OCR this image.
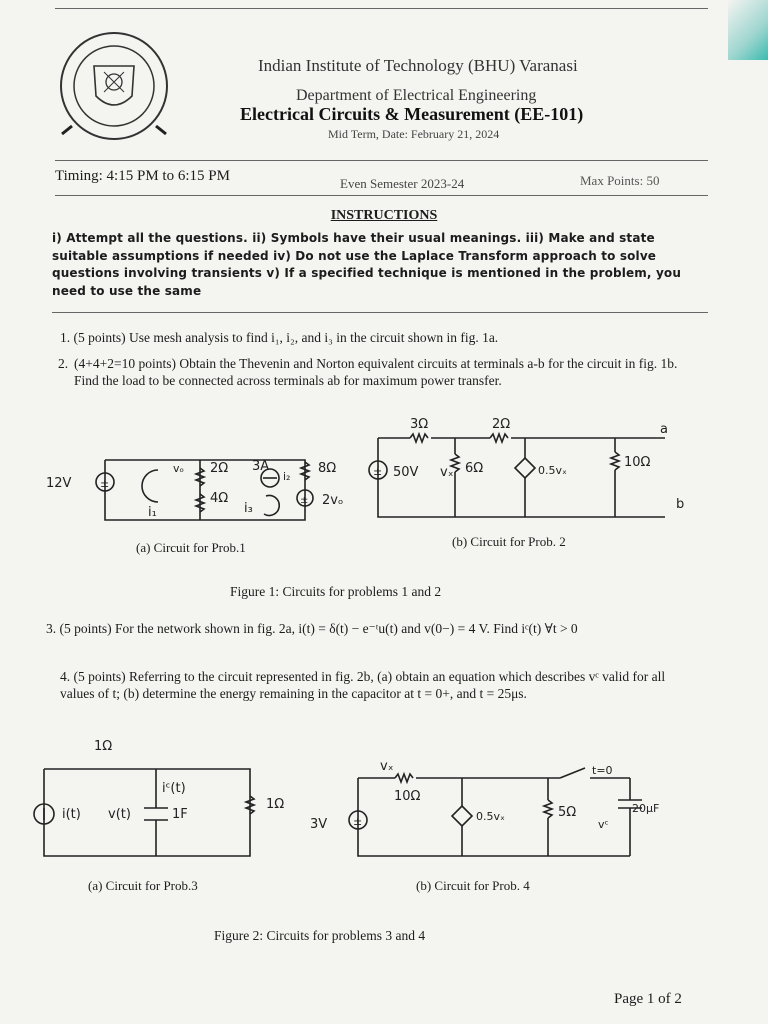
Indian Institute of Technology (BHU) Varanasi
Department of Electrical Engineering
Electrical Circuits & Measurement (EE-101)
Mid Term, Date: February 21, 2024
Timing: 4:15 PM to 6:15 PM	Even Semester 2023-24	Max Points: 50
INSTRUCTIONS
i) Attempt all the questions. ii) Symbols have their usual meanings. iii) Make and state suitable assumptions if needed iv) Do not use the Laplace Transform approach to solve questions involving transients v) If a specified technique is mentioned in the problem, you need to use the same
1. (5 points) Use mesh analysis to find i₁, i₂, and i₃ in the circuit shown in fig. 1a.
2. (4+4+2=10 points) Obtain the Thevenin and Norton equivalent circuits at terminals a-b for the circuit in fig. 1b. Find the load to be connected across terminals ab for maximum power transfer.
±
12V
2Ω
vₒ
4Ω
3A	8Ω
± 2vₒ
i₁
i₂
i₃
(a) Circuit for Prob.1
3Ω	2Ω
± 50V vₓ 6Ω	0.5vₓ
10Ω
a
b
(b) Circuit for Prob. 2
Figure 1: Circuits for problems 1 and 2
3. (5 points) For the network shown in fig. 2a, i(t) = δ(t) − e⁻ᵗu(t) and v(0−) = 4 V. Find iᶜ(t) ∀t > 0
4. (5 points) Referring to the circuit represented in fig. 2b, (a) obtain an equation which describes vᶜ valid for all values of t; (b) determine the energy remaining in the capacitor at t = 0+, and t = 25μs.
1Ω
i(t) v(t)
iᶜ(t)
1F
1Ω
(a) Circuit for Prob.3
vₓ
10Ω
±
3V
0.5vₓ	5Ω
t=0
20μF
vᶜ
(b) Circuit for Prob. 4
Figure 2: Circuits for problems 3 and 4
Page 1 of 2
